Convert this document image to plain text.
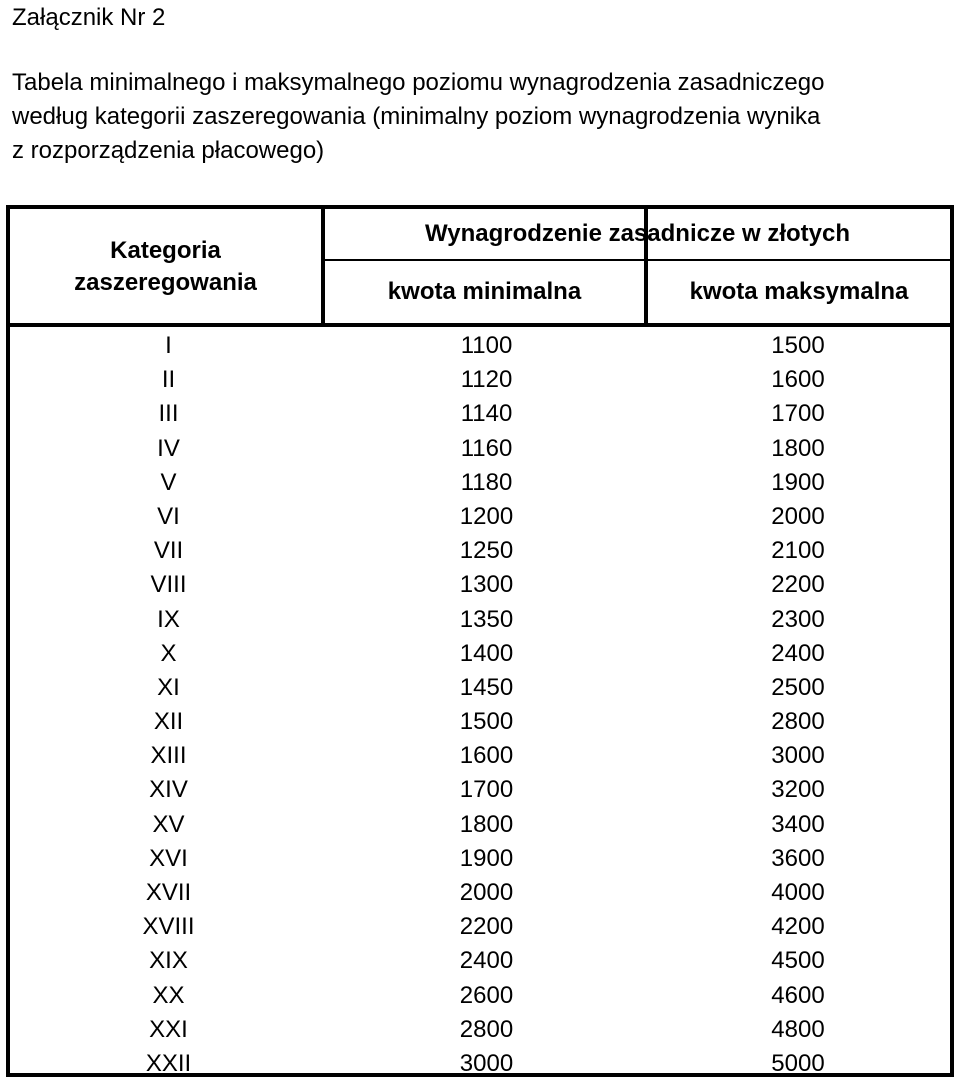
Załącznik Nr 2
Tabela minimalnego i maksymalnego poziomu wynagrodzenia zasadniczego
według kategorii zaszeregowania (minimalny poziom wynagrodzenia wynika
z rozporządzenia płacowego)
Kategoria
zaszeregowania
Wynagrodzenie zasadnicze w złotych
kwota minimalna	kwota maksymalna
I	1100	1500
II	1120	1600
III	1140	1700
IV	1160	1800
V	1180	1900
VI	1200	2000
VII	1250	2100
VIII	1300	2200
IX	1350	2300
X	1400	2400
XI	1450	2500
XII	1500	2800
XIII	1600	3000
XIV	1700	3200
XV	1800	3400
XVI	1900	3600
XVII	2000	4000
XVIII	2200	4200
XIX	2400	4500
XX	2600	4600
XXI	2800	4800
XXII	3000	5000
